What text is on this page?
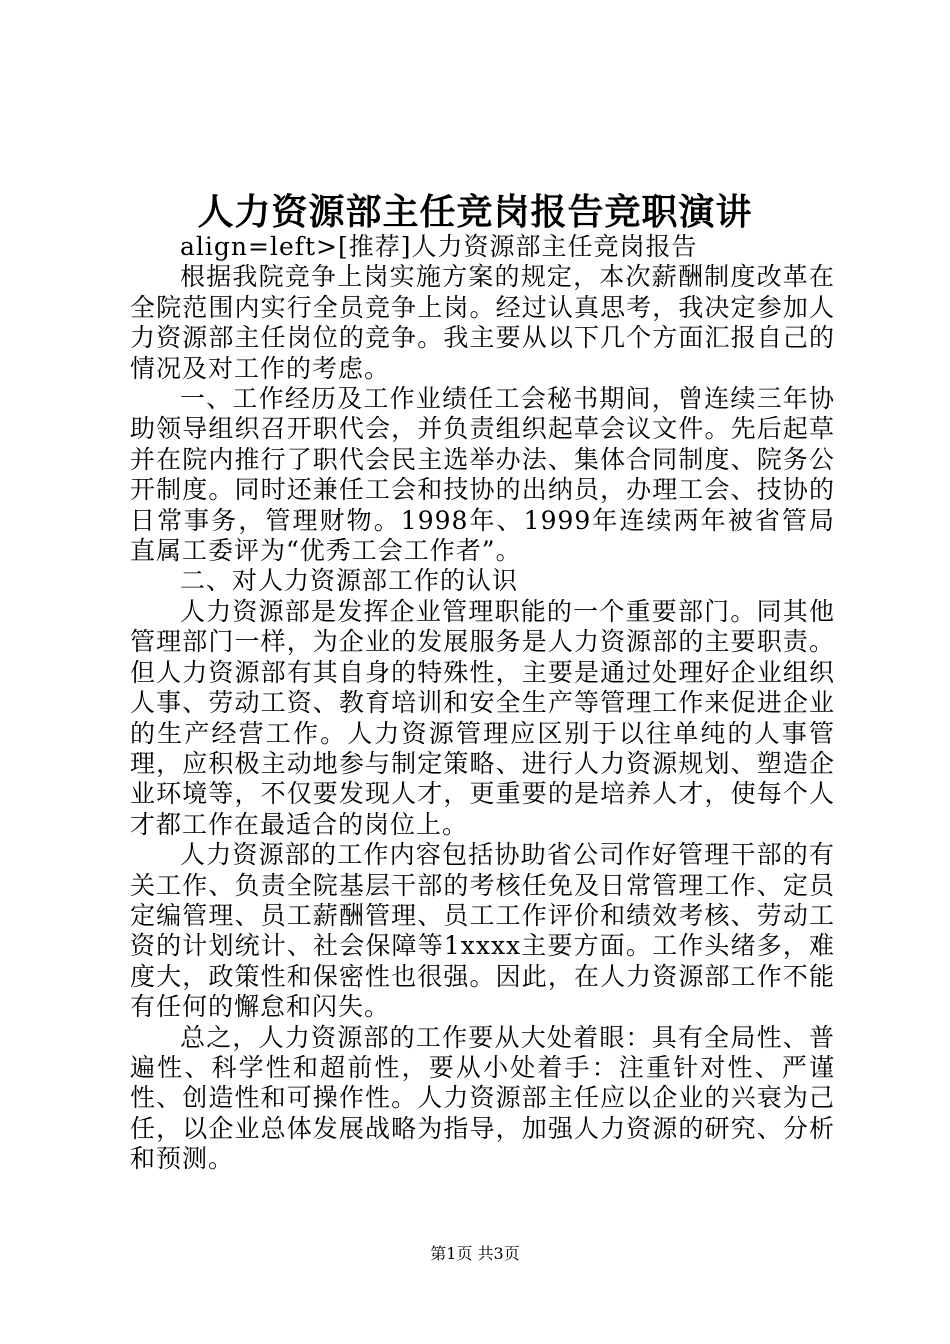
人力资源部主任竞岗报告竞职演讲

align=left>[推荐]人力资源部主任竞岗报告

根据我院竞争上岗实施方案的规定，本次薪酬制度改革在全院范围内实行全员竞争上岗。经过认真思考，我决定参加人力资源部主任岗位的竞争。我主要从以下几个方面汇报自己的情况及对工作的考虑。

一、工作经历及工作业绩任工会秘书期间，曾连续三年协助领导组织召开职代会，并负责组织起草会议文件。先后起草并在院内推行了职代会民主选举办法、集体合同制度、院务公开制度。同时还兼任工会和技协的出纳员，办理工会、技协的日常事务，管理财物。1998年、1999年连续两年被省管局直属工委评为“优秀工会工作者”。

二、对人力资源部工作的认识

人力资源部是发挥企业管理职能的一个重要部门。同其他管理部门一样，为企业的发展服务是人力资源部的主要职责。但人力资源部有其自身的特殊性，主要是通过处理好企业组织人事、劳动工资、教育培训和安全生产等管理工作来促进企业的生产经营工作。人力资源管理应区别于以往单纯的人事管理，应积极主动地参与制定策略、进行人力资源规划、塑造企业环境等，不仅要发现人才，更重要的是培养人才，使每个人才都工作在最适合的岗位上。

人力资源部的工作内容包括协助省公司作好管理干部的有关工作、负责全院基层干部的考核任免及日常管理工作、定员定编管理、员工薪酬管理、员工工作评价和绩效考核、劳动工资的计划统计、社会保障等1xxxx主要方面。工作头绪多，难度大，政策性和保密性也很强。因此，在人力资源部工作不能有任何的懈怠和闪失。

总之，人力资源部的工作要从大处着眼：具有全局性、普遍性、科学性和超前性，要从小处着手：注重针对性、严谨性、创造性和可操作性。人力资源部主任应以企业的兴衰为己任，以企业总体发展战略为指导，加强人力资源的研究、分析和预测。

第1页 共3页
